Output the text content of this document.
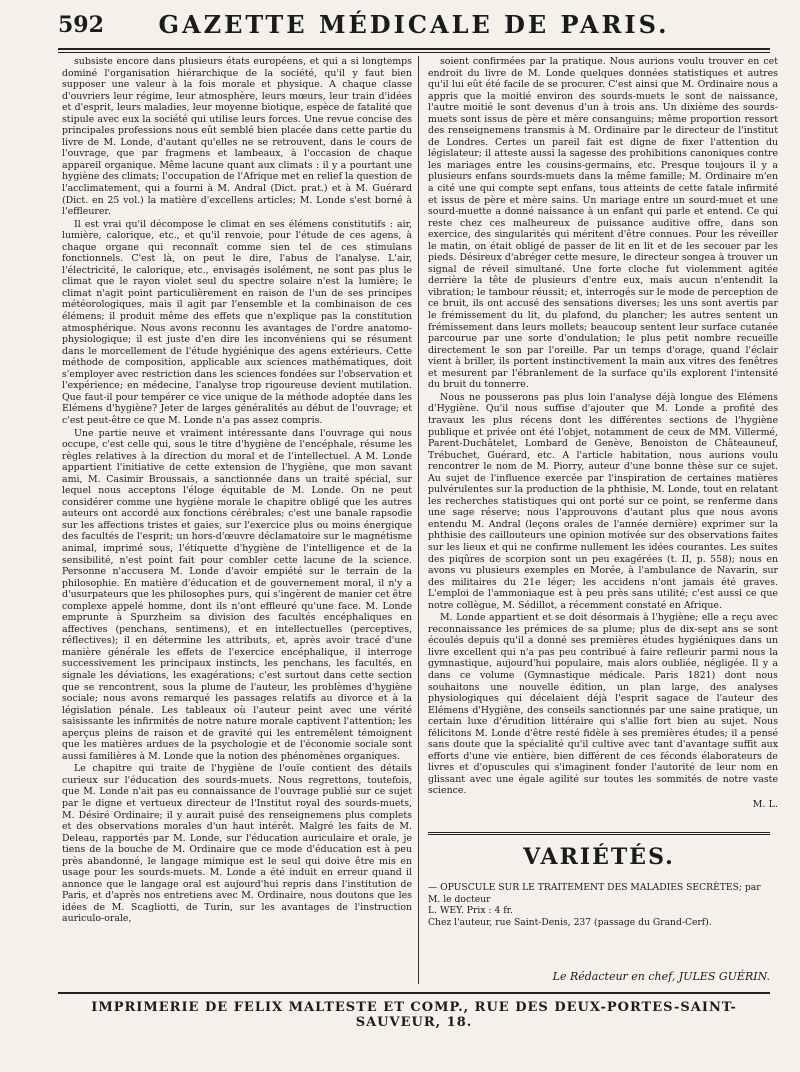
592	GAZETTE MÉDICALE DE PARIS.

subsiste encore dans plusieurs états européens, et qui a si longtemps dominé l'organisation hiérarchique de la société, qu'il y faut bien supposer une valeur à la fois morale et physique. A chaque classe d'ouvriers leur régime, leur atmosphère, leurs mœurs, leur train d'idées et d'esprit, leurs maladies, leur moyenne biotique, espèce de fatalité que stipule avec eux la société qui utilise leurs forces. Une revue concise des principales professions nous eût semblé bien placée dans cette partie du livre de M. Londe, d'autant qu'elles ne se retrouvent, dans le cours de l'ouvrage, que par fragmens et lambeaux, à l'occasion de chaque appareil organique. Même lacune quant aux climats : il y a pourtant une hygiène des climats; l'occupation de l'Afrique met en relief la question de l'acclimatement, qui a fourni à M. Andral (Dict. prat.) et à M. Guérard (Dict. en 25 vol.) la matière d'excellens articles; M. Londe s'est borné à l'effleurer.

Il est vrai qu'il décompose le climat en ses élémens constitutifs : air, lumière, calorique, etc., et qu'il renvoie, pour l'étude de ces agens, à chaque organe qui reconnaît comme sien tel de ces stimulans fonctionnels. C'est là, on peut le dire, l'abus de l'analyse. L'air, l'électricité, le calorique, etc., envisagés isolément, ne sont pas plus le climat que le rayon violet seul du spectre solaire n'est la lumière; le climat n'agit point particulièrement en raison de l'un de ses principes météorologiques, mais il agit par l'ensemble et la combinaison de ces élémens; il produit même des effets que n'explique pas la constitution atmosphérique. Nous avons reconnu les avantages de l'ordre anatomo-physiologique; il est juste d'en dire les inconvéniens qui se résument dans le morcellement de l'étude hygiénique des agens extérieurs. Cette méthode de composition, applicable aux sciences mathématiques, doit s'employer avec restriction dans les sciences fondées sur l'observation et l'expérience; en médecine, l'analyse trop rigoureuse devient mutilation. Que faut-il pour tempérer ce vice unique de la méthode adoptée dans les Elémens d'hygiène? Jeter de larges généralités au début de l'ouvrage; et c'est peut-être ce que M. Londe n'a pas assez compris.

Une partie neuve et vraiment intéressante dans l'ouvrage qui nous occupe, c'est celle qui, sous le titre d'hygiène de l'encéphale, résume les règles relatives à la direction du moral et de l'intellectuel. A M. Londe appartient l'initiative de cette extension de l'hygiène, que mon savant ami, M. Casimir Broussais, a sanctionnée dans un traité spécial, sur lequel nous acceptons l'éloge équitable de M. Londe. On ne peut considérer comme une hygiène morale le chapitre obligé que les autres auteurs ont accordé aux fonctions cérébrales; c'est une banale rapsodie sur les affections tristes et gaies, sur l'exercice plus ou moins énergique des facultés de l'esprit; un hors-d'œuvre déclamatoire sur le magnétisme animal, imprimé sous, l'étiquette d'hygiène de l'intelligence et de la sensibilité, n'est point fait pour combler cette lacune de la science. Personne n'accusera M. Londe d'avoir empiété sur le terrain de la philosophie. En matière d'éducation et de gouvernement moral, il n'y a d'usurpateurs que les philosophes purs, qui s'ingèrent de manier cet être complexe appelé homme, dont ils n'ont effleuré qu'une face. M. Londe emprunte à Spurzheim sa division des facultés encéphaliques en affectives (penchans, sentimens), et en intellectuelles (perceptives, réflectives); il en détermine les attributs, et, après avoir tracé d'une manière générale les effets de l'exercice encéphalique, il interroge successivement les principaux instincts, les penchans, les facultés, en signale les déviations, les exagérations; c'est surtout dans cette section que se rencontrent, sous la plume de l'auteur, les problèmes d'hygiène sociale; nous avons remarqué les passages relatifs au divorce et à la législation pénale. Les tableaux où l'auteur peint avec une vérité saisissante les infirmités de notre nature morale captivent l'attention; les aperçus pleins de raison et de gravité qui les entremêlent témoignent que les matières ardues de la psychologie et de l'économie sociale sont aussi familières à M. Londe que la notion des phénomènes organiques.

Le chapitre qui traite de l'hygiène de l'ouïe contient des détails curieux sur l'éducation des sourds-muets. Nous regrettons, toutefois, que M. Londe n'ait pas eu connaissance de l'ouvrage publié sur ce sujet par le digne et vertueux directeur de l'Institut royal des sourds-muets, M. Désiré Ordinaire; il y aurait puisé des renseignemens plus complets et des observations morales d'un haut intérêt. Malgré les faits de M. Deleau, rapportés par M. Londe, sur l'éducation auriculaire et orale, je tiens de la bouche de M. Ordinaire que ce mode d'éducation est à peu près abandonné, le langage mimique est le seul qui doive être mis en usage pour les sourds-muets. M. Londe a été induit en erreur quand il annonce que le langage oral est aujourd'hui repris dans l'institution de Paris, et d'après nos entretiens avec M. Ordinaire, nous doutons que les idées de M. Scagliotti, de Turin, sur les avantages de l'instruction auriculo-orale,

soient confirmées par la pratique. Nous aurions voulu trouver en cet endroit du livre de M. Londe quelques données statistiques et autres qu'il lui eût été facile de se procurer. C'est ainsi que M. Ordinaire nous a appris que la moitié environ des sourds-muets le sont de naissance, l'autre moitié le sont devenus d'un à trois ans. Un dixième des sourds-muets sont issus de père et mère consanguins; même proportion ressort des renseignemens transmis à M. Ordinaire par le directeur de l'institut de Londres. Certes un pareil fait est digne de fixer l'attention du législateur; il atteste aussi la sagesse des prohibitions canoniques contre les mariages entre les cousins-germains, etc. Presque toujours il y a plusieurs enfans sourds-muets dans la même famille; M. Ordinaire m'en a cité une qui compte sept enfans, tous atteints de cette fatale infirmité et issus de père et mère sains. Un mariage entre un sourd-muet et une sourd-muette a donné naissance à un enfant qui parle et entend. Ce qui reste chez ces malheureux de puissance auditive offre, dans son exercice, des singularités qui méritent d'être connues. Pour les réveiller le matin, on était obligé de passer de lit en lit et de les secouer par les pieds. Désireux d'abréger cette mesure, le directeur songea à trouver un signal de réveil simultané. Une forte cloche fut violemment agitée derrière la tête de plusieurs d'entre eux, mais aucun n'entendit la vibration; le tambour réussit; et, interrogés sur le mode de perception de ce bruit, ils ont accusé des sensations diverses; les uns sont avertis par le frémissement du lit, du plafond, du plancher; les autres sentent un frémissement dans leurs mollets; beaucoup sentent leur surface cutanée parcourue par une sorte d'ondulation; le plus petit nombre recueille directement le son par l'oreille. Par un temps d'orage, quand l'éclair vient à briller, ils portent instinctivement la main aux vitres des fenêtres et mesurent par l'ébranlement de la surface qu'ils explorent l'intensité du bruit du tonnerre.

Nous ne pousserons pas plus loin l'analyse déjà longue des Elémens d'Hygiène. Qu'il nous suffise d'ajouter que M. Londe a profité des travaux les plus récens dont les différentes sections de l'hygiène publique et privée ont été l'objet, notamment de ceux de MM. Villermé, Parent-Duchâtelet, Lombard de Genève, Benoiston de Châteauneuf, Trébuchet, Guérard, etc. A l'article habitation, nous aurions voulu rencontrer le nom de M. Piorry, auteur d'une bonne thèse sur ce sujet. Au sujet de l'influence exercée par l'inspiration de certaines matières pulvérulentes sur la production de la phthisie, M. Londe, tout en relatant les recherches statistiques qui ont porté sur ce point, se renferme dans une sage réserve; nous l'approuvons d'autant plus que nous avons entendu M. Andral (leçons orales de l'année dernière) exprimer sur la phthisie des caillouteurs une opinion motivée sur des observations faites sur les lieux et qui ne confirme nullement les idées courantes. Les suites des piqûres de scorpion sont un peu exagérées (t. II, p. 558); nous en avons vu plusieurs exemples en Morée, à l'ambulance de Navarin, sur des militaires du 21e léger; les accidens n'ont jamais été graves. L'emploi de l'ammoniaque est à peu près sans utilité; c'est aussi ce que notre collègue, M. Sédillot, a récemment constaté en Afrique.

M. Londe appartient et se doit désormais à l'hygiène; elle a reçu avec reconnaissance les prémices de sa plume; plus de dix-sept ans se sont écoulés depuis qu'il a donné ses premières études hygiéniques dans un livre excellent qui n'a pas peu contribué à faire refleurir parmi nous la gymnastique, aujourd'hui populaire, mais alors oubliée, négligée. Il y a dans ce volume (Gymnastique médicale. Paris 1821) dont nous souhaitons une nouvelle édition, un plan large, des analyses physiologiques qui décelaient déjà l'esprit sagace de l'auteur des Elémens d'Hygiène, des conseils sanctionnés par une saine pratique, un certain luxe d'érudition littéraire qui s'allie fort bien au sujet. Nous félicitons M. Londe d'être resté fidèle à ses premières études; il a pensé sans doute que la spécialité qu'il cultive avec tant d'avantage suffit aux efforts d'une vie entière, bien différent de ces féconds élaborateurs de livres et d'opuscules qui s'imaginent fonder l'autorité de leur nom en glissant avec une égale agilité sur toutes les sommités de notre vaste science.

M. L.
VARIÉTÉS.
— OPUSCULE SUR LE TRAITEMENT DES MALADIES SECRÈTES; par M. le docteur
L. WEY. Prix : 4 fr.
Chez l'auteur, rue Saint-Denis, 237 (passage du Grand-Cerf).
Le Rédacteur en chef, JULES GUÉRIN.
IMPRIMERIE DE FELIX MALTESTE ET COMP., RUE DES DEUX-PORTES-SAINT-SAUVEUR, 18.
